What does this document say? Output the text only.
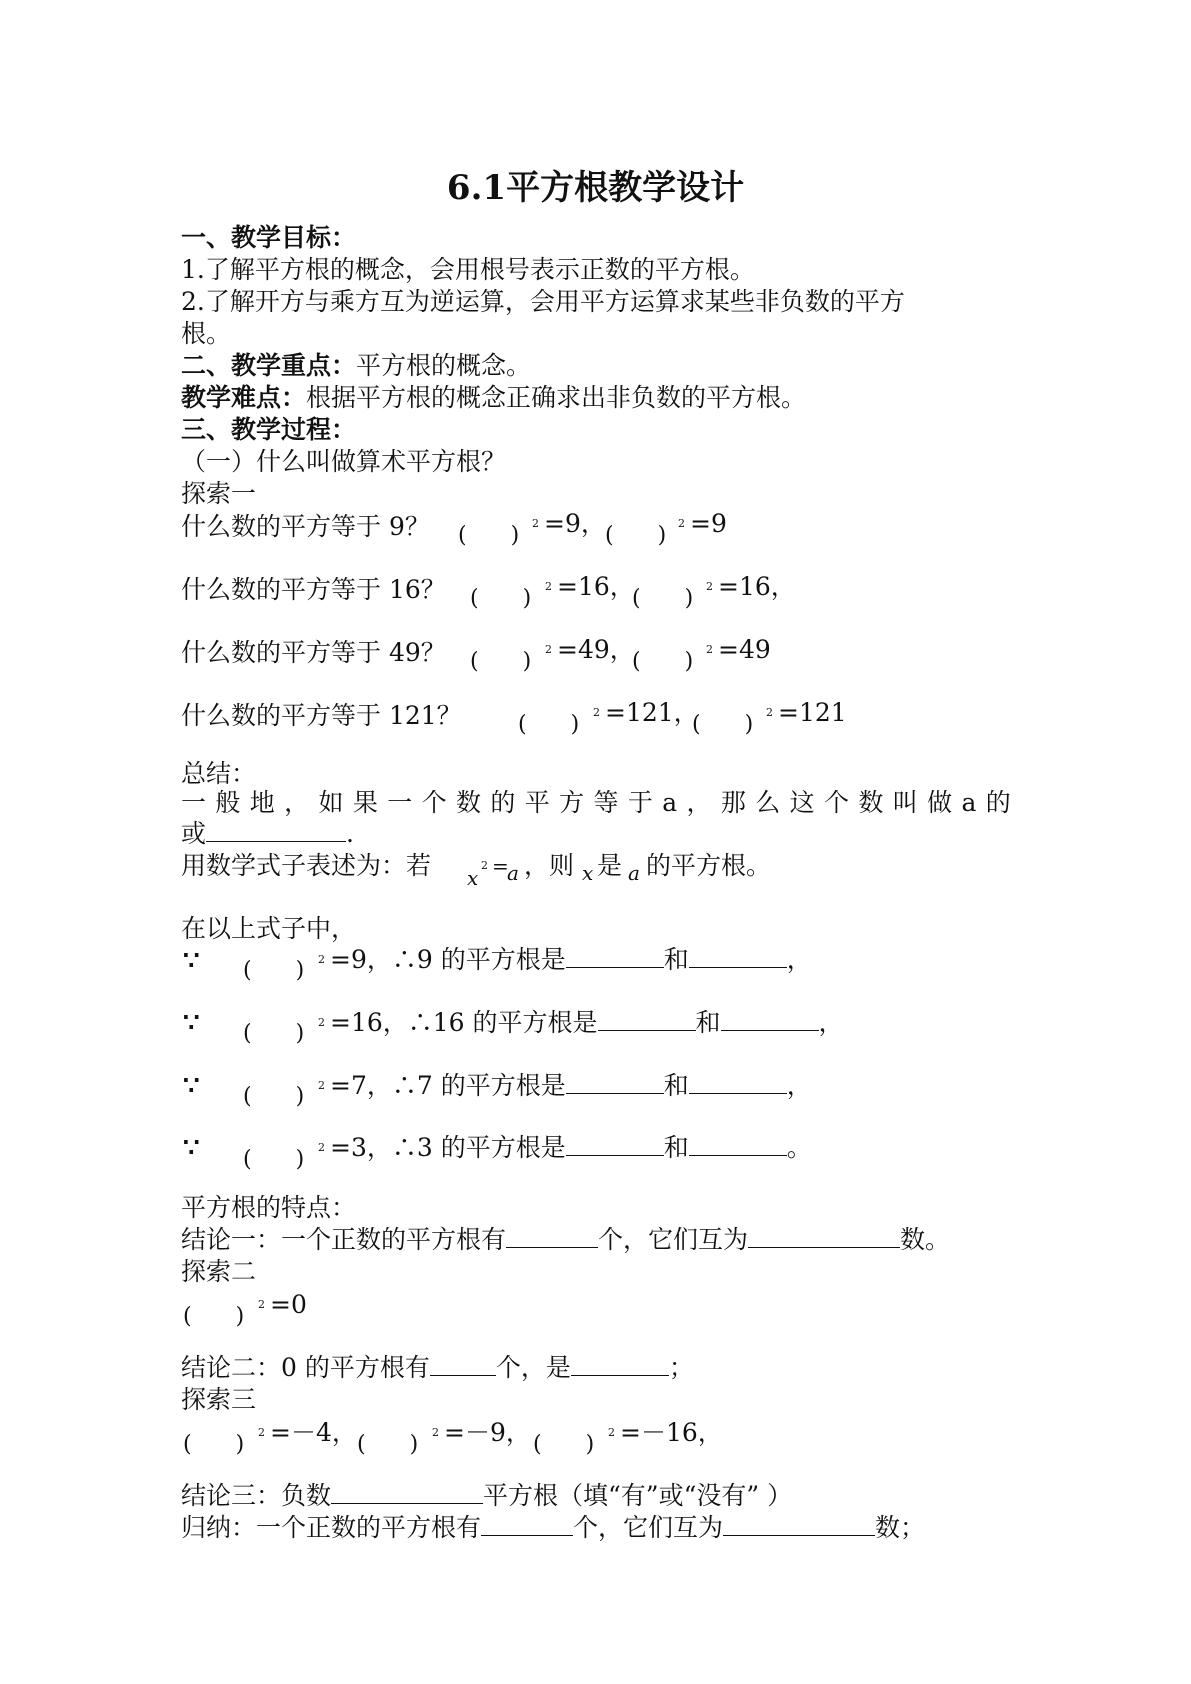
6.1平方根教学设计
一、教学目标：
1.了解平方根的概念，会用根号表示正数的平方根。
2.了解开方与乘方互为逆运算，会用平方运算求某些非负数的平方
根。
二、教学重点：平方根的概念。
教学难点：根据平方根的概念正确求出非负数的平方根。
三、教学过程：
（一）什么叫做算术平方根？
探索一
什么数的平方等于 9？ (　　) 2 =9， (　　) 2 =9
什么数的平方等于 16？ (　　) 2 =16，
(　　) 2 =16，
什么数的平方等于 49？ (　　) 2 =49，
(　　) 2 =49
什么数的平方等于 121？	(　　) 2 =121，
(　　) 2 =121
总结：
一 般 地 ， 如 果 一 个 数 的 平 方 等 于 a ， 那 么 这 个 数 叫 做 a 的
或	.
用数学式子表述为：若 x
2 =
a ，则 x 是 a 的平方根。
在以上式子中，
∵ (　　) 2 =9，∴9 的平方根是	和	，
∵ (　　) 2 =16，∴16 的平方根是	和	，
∵ (　　) 2 =7，∴7 的平方根是	和	，
∵ (　　) 2 =3，∴3 的平方根是	和	。
平方根的特点：
结论一：一个正数的平方根有	个，它们互为	数。
探索二
(　　) 2 =0
结论二：0 的平方根有	个，是	；
探索三
(　　) 2 =－4， (　　) 2 =－9， (　　) 2 =－16，
结论三：负数	平方根（填“有”或“没有” ）
归纳：一个正数的平方根有	个，它们互为	数；
